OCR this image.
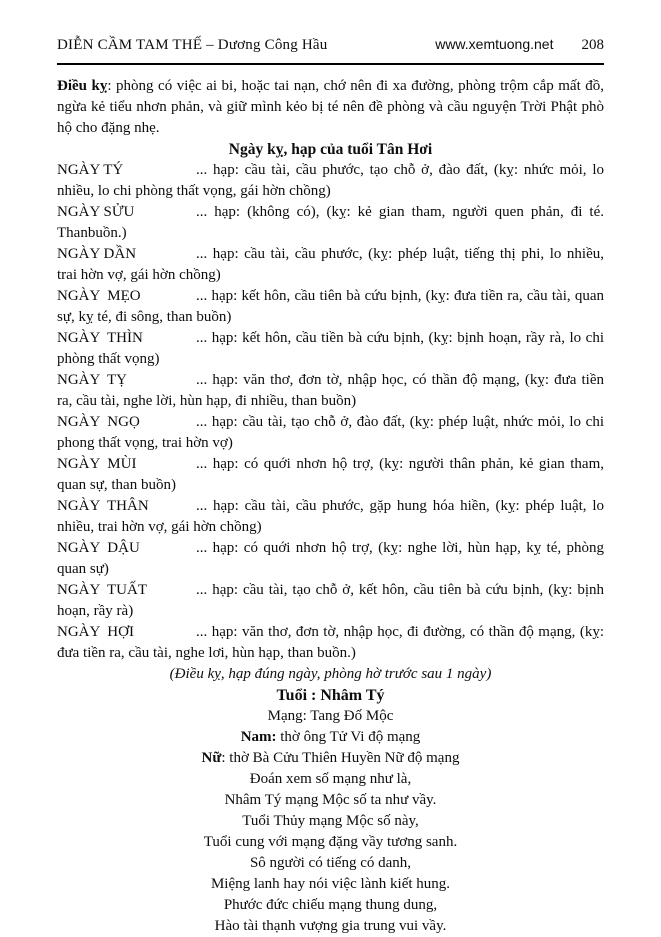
DIỄN CẦM TAM THẾ – Dương Công Hầu	www.xemtuong.net 208

Điều kỵ: phòng có việc ai bi, hoặc tai nạn, chớ nên đi xa đường, phòng trộm cắp mất đồ, ngừa kẻ tiểu nhơn phản, và giữ mình kẻo bị té nên đề phòng và cầu nguyện Trời Phật phò hộ cho đặng nhẹ.

Ngày kỵ, hạp của tuổi Tân Hơi

NGÀY TÝ	... hạp: cầu tài, cầu phước, tạo chỗ ở, đào đất, (kỵ: nhức mỏi, lo nhiều, lo chi phòng thất vọng, gái hờn chồng)

NGÀY SỬU	... hạp: (không có), (kỵ: kẻ gian tham, người quen phản, đi té. Thanbuồn.)

NGÀY DẦN	... hạp: cầu tài, cầu phước, (kỵ: phép luật, tiếng thị phi, lo nhiều, trai hờn vợ, gái hờn chồng)

NGÀY  MẸO	... hạp: kết hôn, cầu tiên bà cứu bịnh, (kỵ: đưa tiền ra, cầu tài, quan sự, kỵ té, đi sông, than buồn)

NGÀY  THÌN	... hạp: kết hôn, cầu tiền bà cứu bịnh, (kỵ: bịnh hoạn, rầy rà, lo chi phòng thất vọng)

NGÀY  TỴ	... hạp: văn thơ, đơn tờ, nhập học, có thần độ mạng, (kỵ: đưa tiền ra, cầu tài, nghe lời, hùn hạp, đi nhiều, than buồn)

NGÀY  NGỌ	... hạp: cầu tài, tạo chỗ ở, đào đất, (kỵ: phép luật, nhức mỏi, lo chi phong thất vọng, trai hờn vợ)

NGÀY  MÙI	... hạp: có quới nhơn hộ trợ, (kỵ: người thân phản, kẻ gian tham, quan sự, than buồn)

NGÀY  THÂN	... hạp: cầu tài, cầu phước, gặp hung hóa hiền, (kỵ: phép luật, lo nhiều, trai hờn vợ, gái hờn chồng)

NGÀY  DẬU	... hạp: có quới nhơn hộ trợ, (kỵ: nghe lời, hùn hạp, kỵ té, phòng quan sự)

NGÀY  TUẤT	... hạp: cầu tài, tạo chỗ ở, kết hôn, cầu tiên bà cứu bịnh, (kỵ: bịnh hoạn, rầy rà)

NGÀY  HỢI	... hạp: văn thơ, đơn tờ, nhập học, đi đường, có thần độ mạng, (kỵ: đưa tiền ra, cầu tài, nghe lơi, hùn hạp, than buồn.)

(Điều kỵ, hạp đúng ngày, phòng hờ trước sau 1 ngày)

Tuổi : Nhâm Tý

Mạng: Tang Đố Mộc

Nam: thờ ông Tử Vi độ mạng

Nữ: thờ Bà Cửu Thiên Huyền Nữ độ mạng

Đoán xem số mạng như là,

Nhâm Tý mạng Mộc số ta như vầy.

Tuổi Thủy mạng Mộc số này,

Tuổi cung với mạng đặng vầy tương sanh.

Sô người có tiếng có danh,

Miệng lanh hay nói việc lành kiết hung.

Phước đức chiếu mạng thung dung,

Hào tài thạnh vượng gia trung vui vầy.
